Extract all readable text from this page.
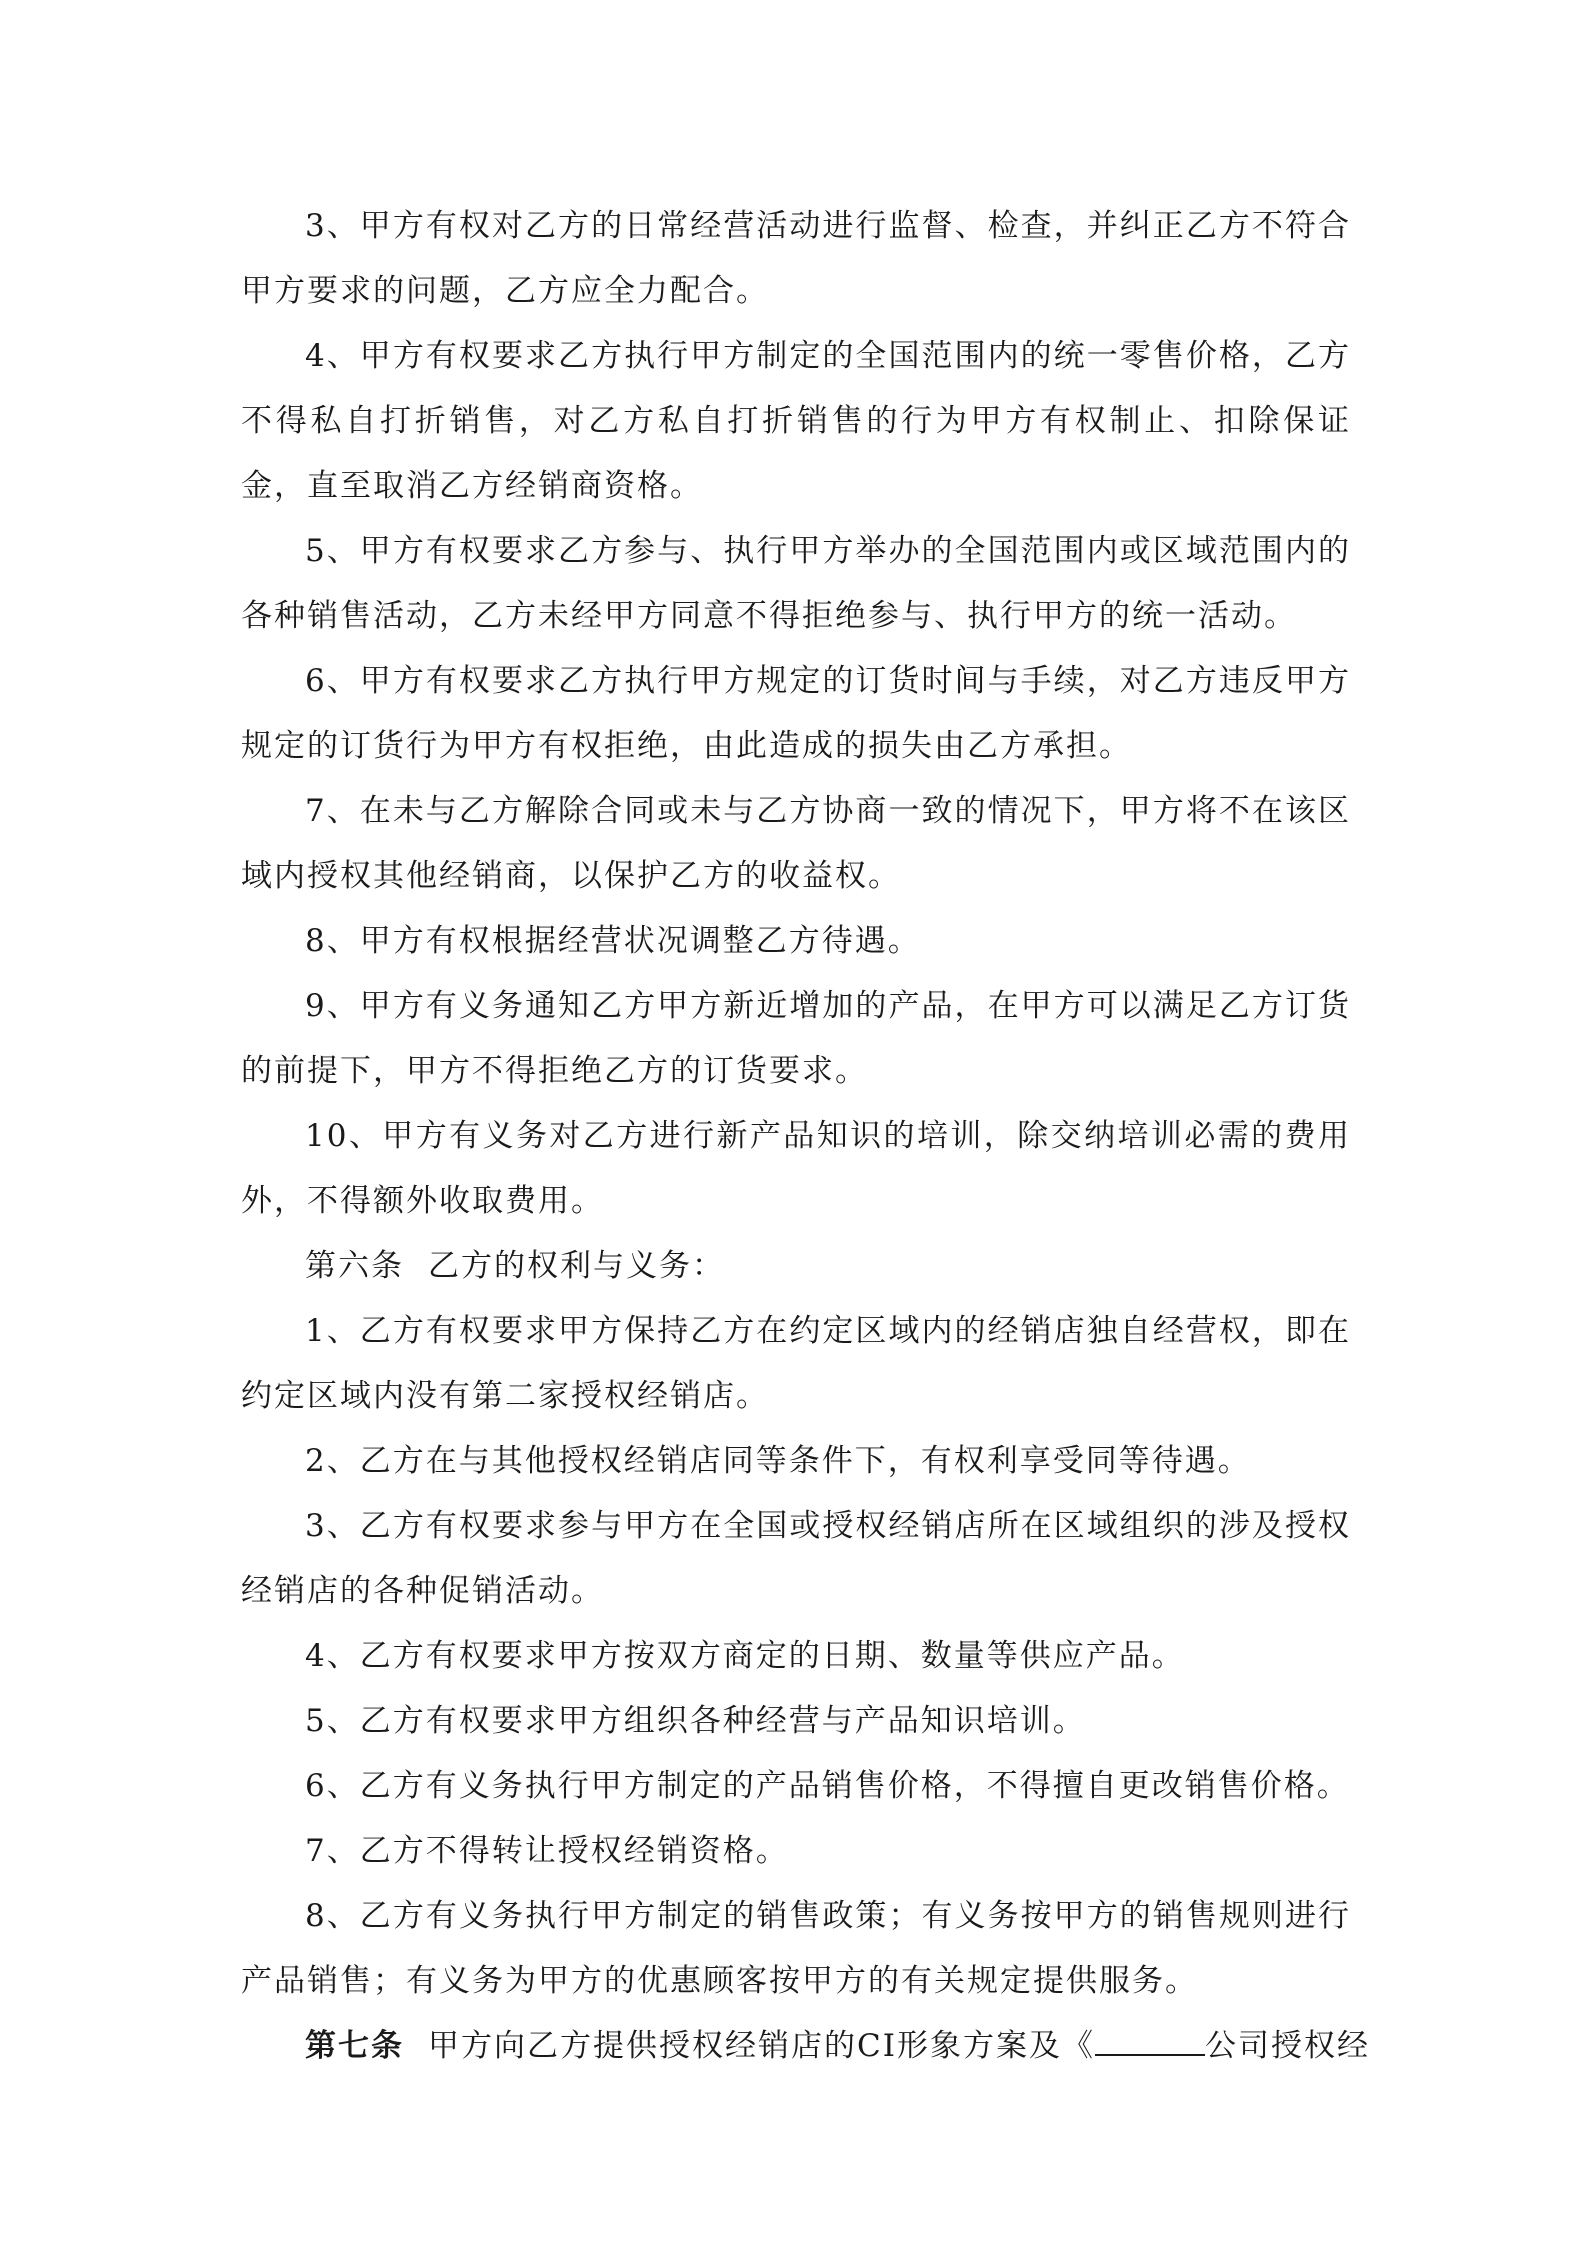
3、甲方有权对乙方的日常经营活动进行监督、检查，并纠正乙方不符合甲方要求的问题，乙方应全力配合。

4、甲方有权要求乙方执行甲方制定的全国范围内的统一零售价格，乙方不得私自打折销售，对乙方私自打折销售的行为甲方有权制止、扣除保证金，直至取消乙方经销商资格。

5、甲方有权要求乙方参与、执行甲方举办的全国范围内或区域范围内的各种销售活动，乙方未经甲方同意不得拒绝参与、执行甲方的统一活动。

6、甲方有权要求乙方执行甲方规定的订货时间与手续，对乙方违反甲方规定的订货行为甲方有权拒绝，由此造成的损失由乙方承担。

7、在未与乙方解除合同或未与乙方协商一致的情况下，甲方将不在该区域内授权其他经销商，以保护乙方的收益权。

8、甲方有权根据经营状况调整乙方待遇。

9、甲方有义务通知乙方甲方新近增加的产品，在甲方可以满足乙方订货的前提下，甲方不得拒绝乙方的订货要求。

10、甲方有义务对乙方进行新产品知识的培训，除交纳培训必需的费用外，不得额外收取费用。

第六条 乙方的权利与义务：

1、乙方有权要求甲方保持乙方在约定区域内的经销店独自经营权，即在约定区域内没有第二家授权经销店。

2、乙方在与其他授权经销店同等条件下，有权利享受同等待遇。

3、乙方有权要求参与甲方在全国或授权经销店所在区域组织的涉及授权经销店的各种促销活动。

4、乙方有权要求甲方按双方商定的日期、数量等供应产品。

5、乙方有权要求甲方组织各种经营与产品知识培训。

6、乙方有义务执行甲方制定的产品销售价格，不得擅自更改销售价格。

7、乙方不得转让授权经销资格。

8、乙方有义务执行甲方制定的销售政策；有义务按甲方的销售规则进行产品销售；有义务为甲方的优惠顾客按甲方的有关规定提供服务。

第七条 甲方向乙方提供授权经销店的CI形象方案及《	公司授权经
